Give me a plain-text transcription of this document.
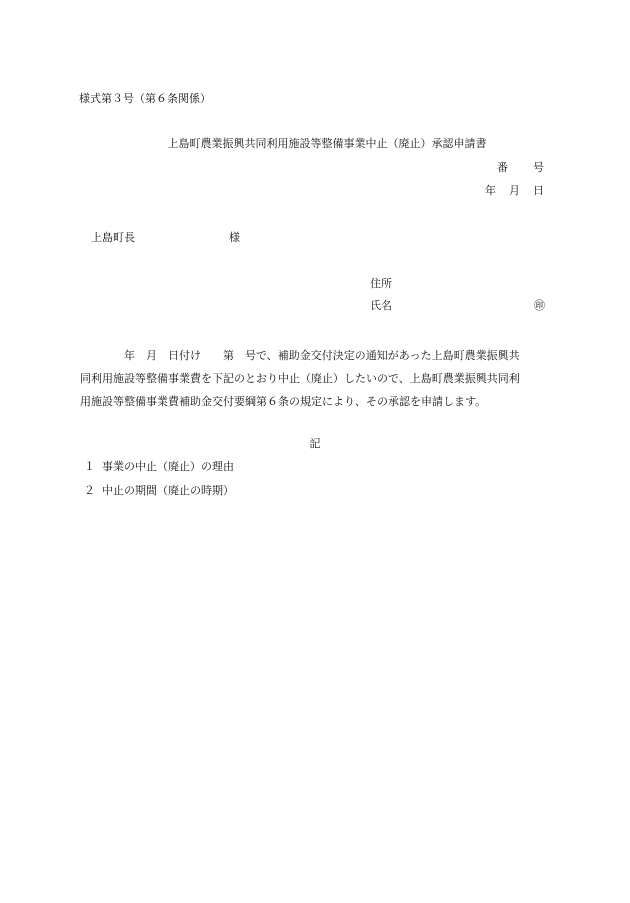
様式第３号（第６条関係）
上島町農業振興共同利用施設等整備事業中止（廃止）承認申請書
番　　号
年　月　日
上島町長	様
住所
氏名	㊞
　　　　年　月　日付け　　第　号で、補助金交付決定の通知があった上島町農業振興共
同利用施設等整備事業費を下記のとおり中止（廃止）したいので、上島町農業振興共同利
用施設等整備事業費補助金交付要綱第６条の規定により、その承認を申請します。
記
１ 事業の中止（廃止）の理由
２ 中止の期間（廃止の時期）
